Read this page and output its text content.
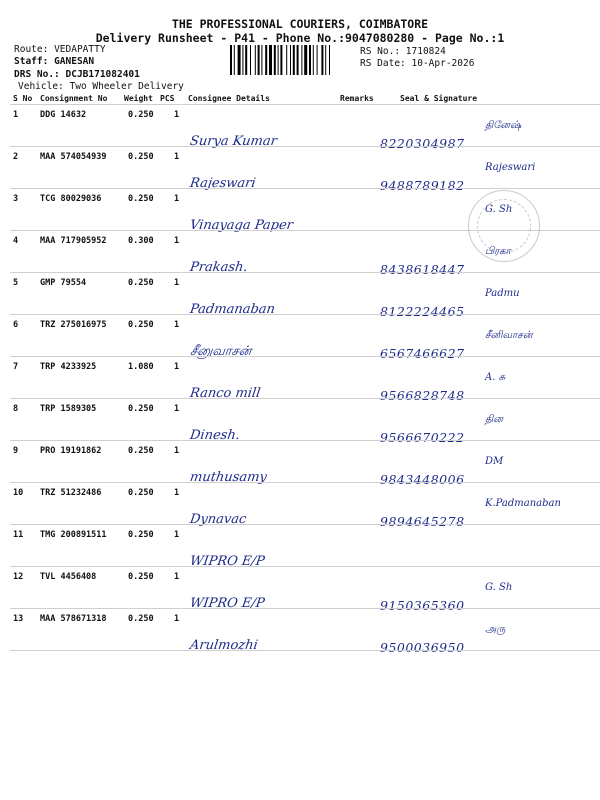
THE PROFESSIONAL COURIERS, COIMBATORE
Delivery Runsheet - P41 - Phone No.:9047080280 - Page No.:1
Route: VEDAPATTY
Staff: GANESAN
DRS No.: DCJB171082401
Vehicle: Two Wheeler Delivery
RS No.: 1710824
RS Date: 10-Apr-2026
S No Consignment No Weight PCS Consignee Details	Remarks	Seal & Signature
1	DDG 14632	0.250 1
Surya Kumar	8220304987
தினேஷ்
2	MAA 574054939	0.250 1
Rajeswari	9488789182
Rajeswari
3	TCG 80029036	0.250 1
Vinayaga Paper
G. Sh
4	MAA 717905952	0.300 1
Prakash.	8438618447
பிரகா
5	GMP 79554	0.250 1
Padmanaban	8122224465
Padmu
6	TRZ 275016975	0.250 1
சீனுவாசன்	6567466627
சீனிவாசன்
7	TRP 4233925	1.080 1
Ranco mill	9566828748
A. சு
8	TRP 1589305	0.250 1
Dinesh.	9566670222
தின
9	PRO 19191862	0.250 1
muthusamy	9843448006
DM
10 TRZ 51232486	0.250 1
Dynavac	9894645278
K.Padmanaban
11 TMG 200891511	0.250 1
WIPRO E/P
12 TVL 4456408	0.250 1
WIPRO E/P	9150365360
G. Sh
13 MAA 578671318	0.250 1
Arulmozhi	9500036950
அரு
